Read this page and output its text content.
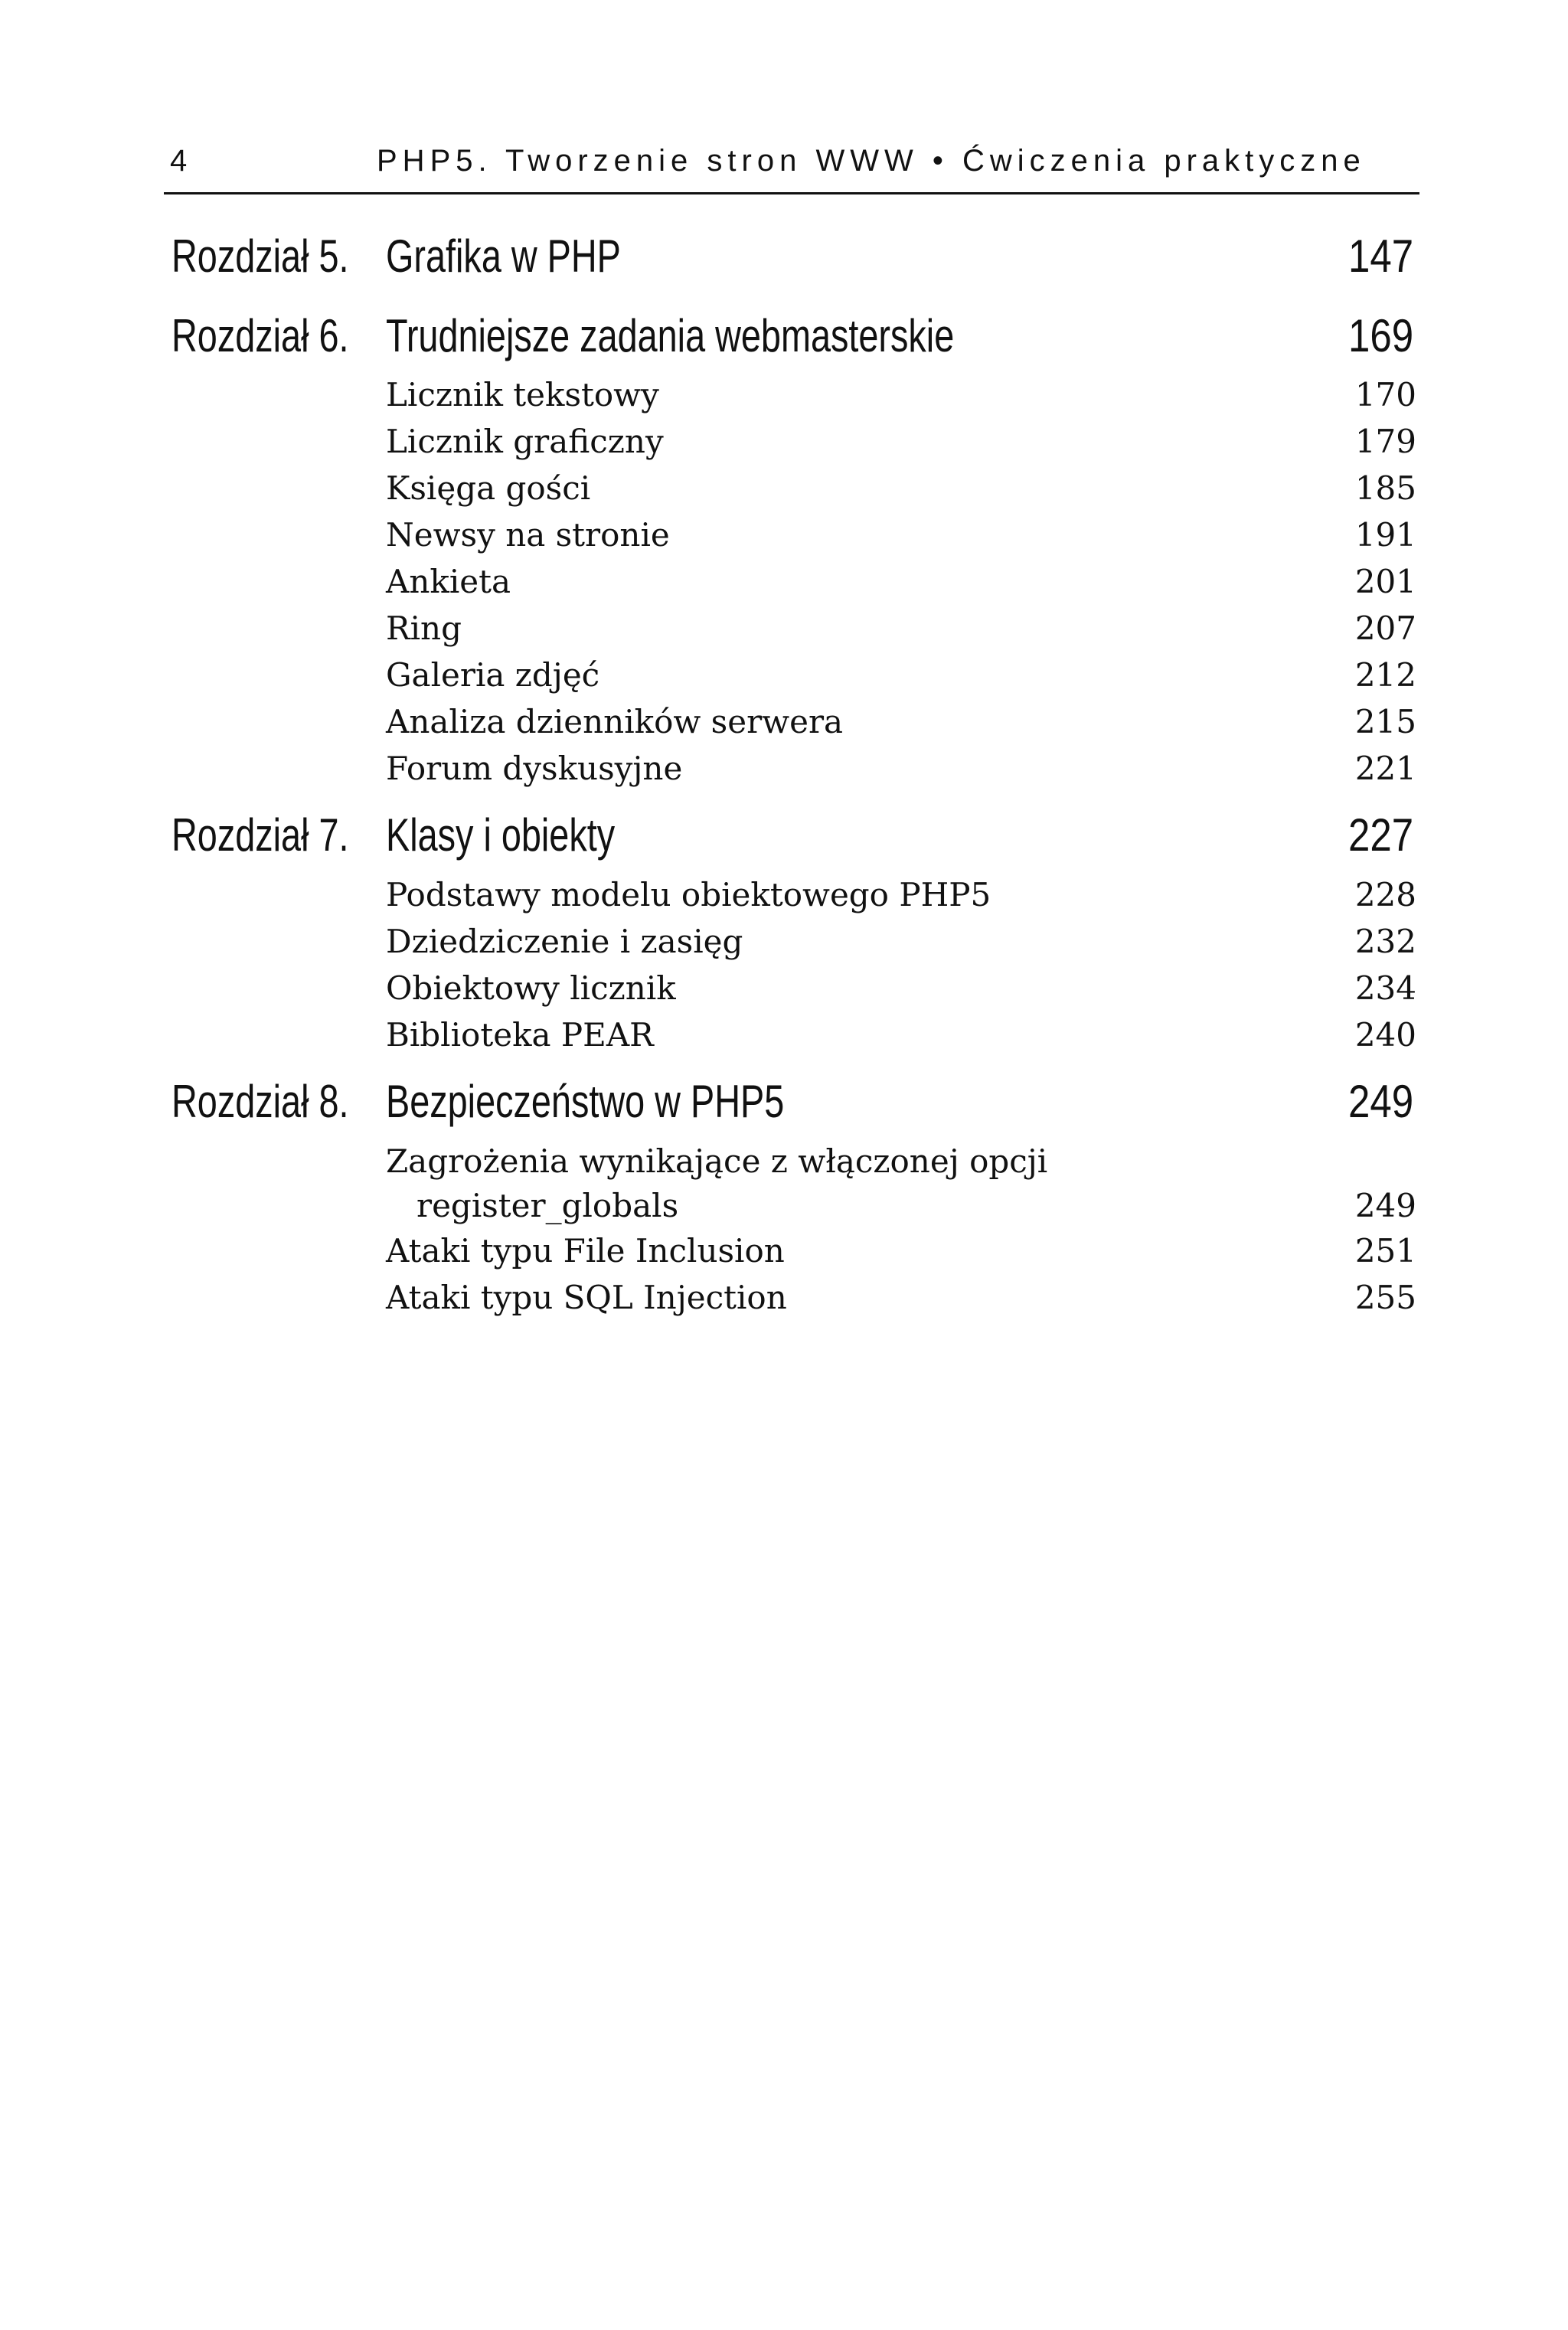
4	PHP5. Tworzenie stron WWW • Ćwiczenia praktyczne
Rozdział 5. Grafika w PHP	147
Rozdział 6. Trudniejsze zadania webmasterskie	169
Licznik tekstowy	170
Licznik graficzny	179
Księga gości	185
Newsy na stronie	191
Ankieta	201
Ring	207
Galeria zdjęć	212
Analiza dzienników serwera	215
Forum dyskusyjne	221
Rozdział 7. Klasy i obiekty	227
Podstawy modelu obiektowego PHP5	228
Dziedziczenie i zasięg	232
Obiektowy licznik	234
Biblioteka PEAR	240
Rozdział 8. Bezpieczeństwo w PHP5	249
Zagrożenia wynikające z włączonej opcji
register_globals	249
Ataki typu File Inclusion	251
Ataki typu SQL Injection	255
